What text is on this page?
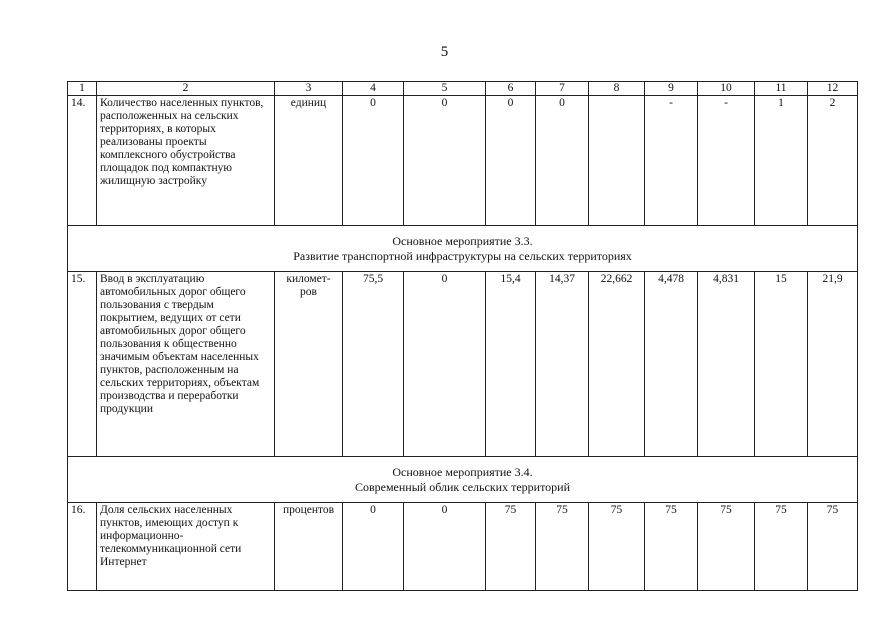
5
1	2	3	4	5	6	7	8	9	10	11	12
14.	Количество населенных пунктов, расположенных на сельских территориях, в которых реализованы проекты комплексного обустройства площадок под компактную жилищную застройку	единиц	0	0	0	0		-	-	1	2

Основное мероприятие 3.3.
Развитие транспортной инфраструктуры на сельских территориях											

15.	Ввод в эксплуатацию автомобильных дорог общего пользования с твердым покрытием, ведущих от сети автомобильных дорог общего пользования к общественно значимым объектам населенных пунктов, расположенным на сельских территориях, объектам производства и переработки продукции	километ-ров	75,5	0	15,4	14,37	22,662	4,478	4,831	15	21,9

Основное мероприятие 3.4.
Современный облик сельских территорий											

16.	Доля сельских населенных пунктов, имеющих доступ к информационно-телекоммуникационной сети Интернет	процентов	0	0	75	75	75	75	75	75	75
